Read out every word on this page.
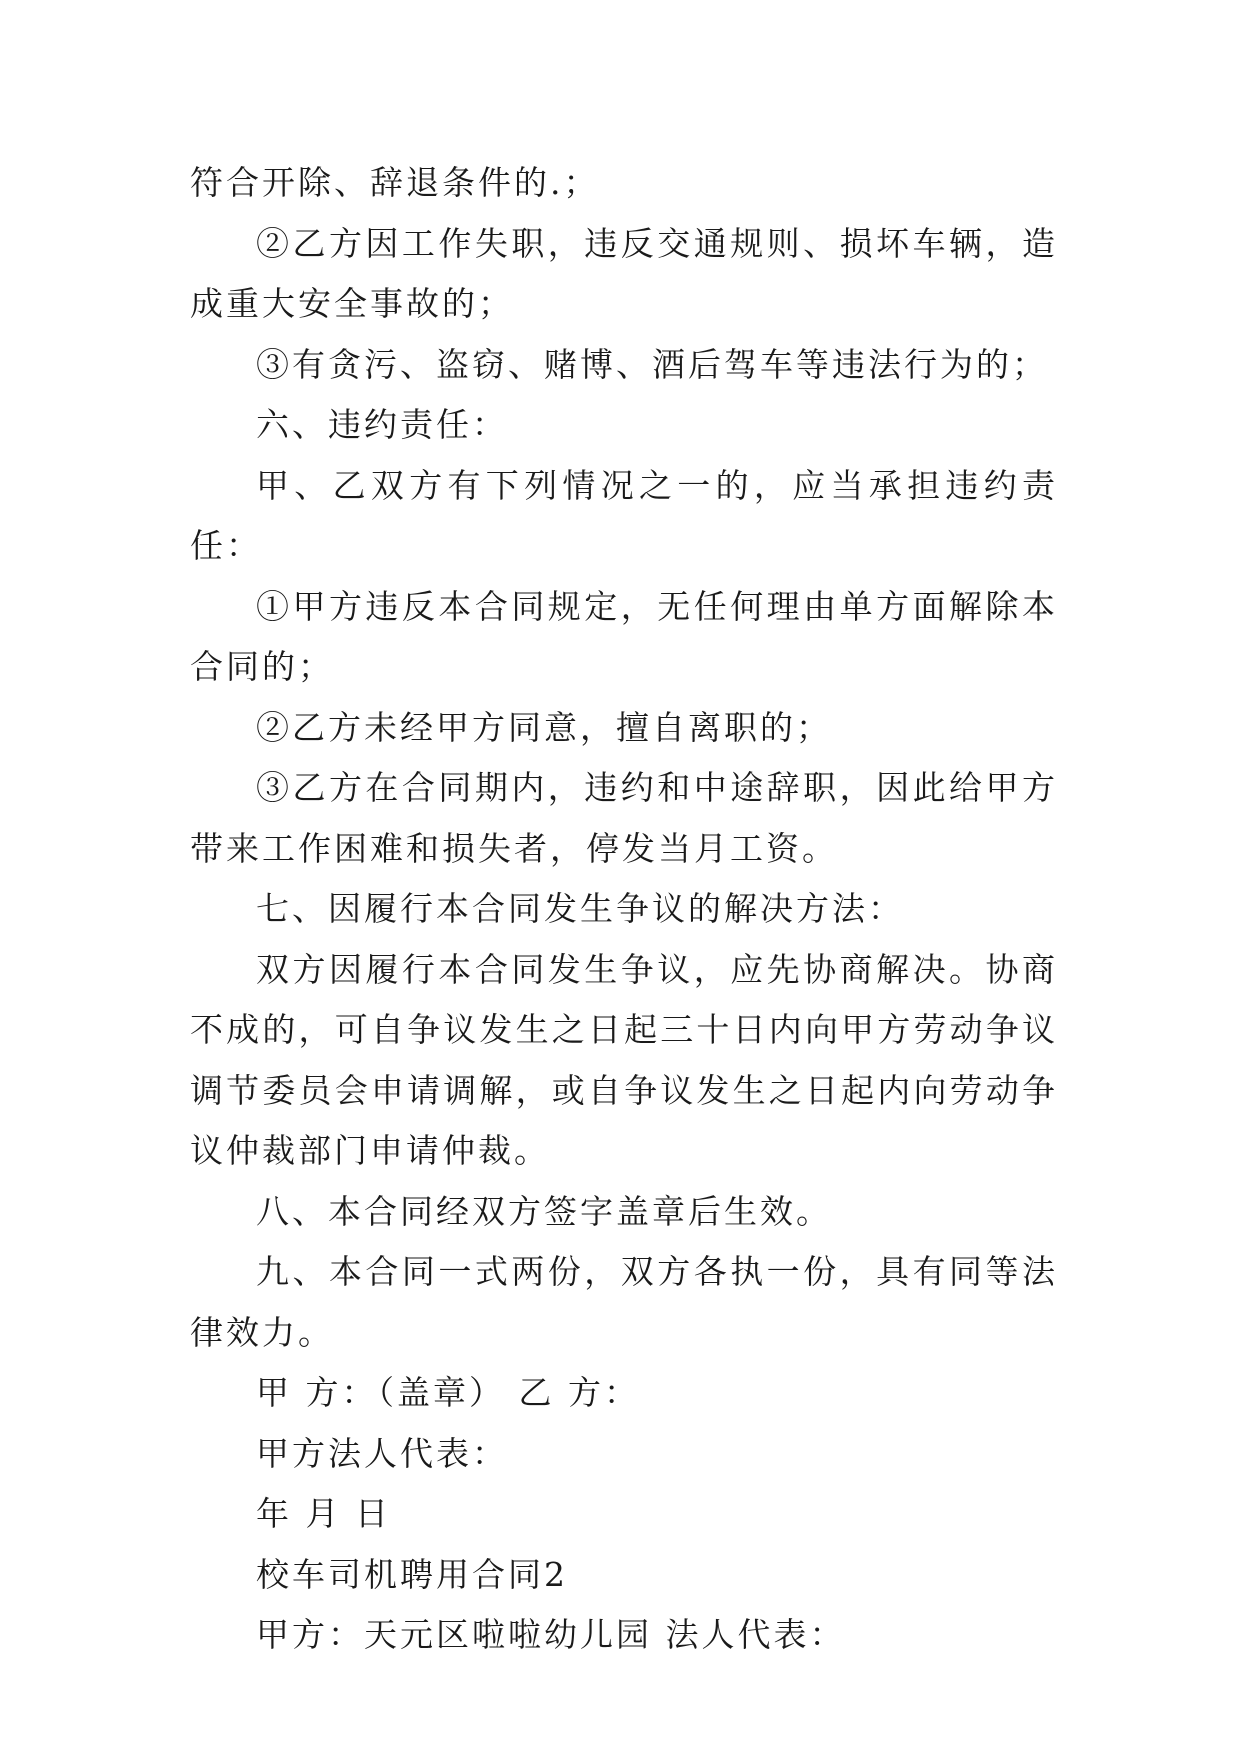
符合开除、辞退条件的.；

②乙方因工作失职，违反交通规则、损坏车辆，造成重大安全事故的；

③有贪污、盗窃、赌博、酒后驾车等违法行为的；

六、违约责任：

甲、乙双方有下列情况之一的，应当承担违约责任：

①甲方违反本合同规定，无任何理由单方面解除本合同的；

②乙方未经甲方同意，擅自离职的；

③乙方在合同期内，违约和中途辞职，因此给甲方带来工作困难和损失者，停发当月工资。

七、因履行本合同发生争议的解决方法：

双方因履行本合同发生争议，应先协商解决。协商不成的，可自争议发生之日起三十日内向甲方劳动争议调节委员会申请调解，或自争议发生之日起内向劳动争议仲裁部门申请仲裁。

八、本合同经双方签字盖章后生效。

九、本合同一式两份，双方各执一份，具有同等法律效力。

甲 方：（盖章） 乙 方：

甲方法人代表：

年 月 日

校车司机聘用合同2

甲方：天元区啦啦幼儿园 法人代表：
